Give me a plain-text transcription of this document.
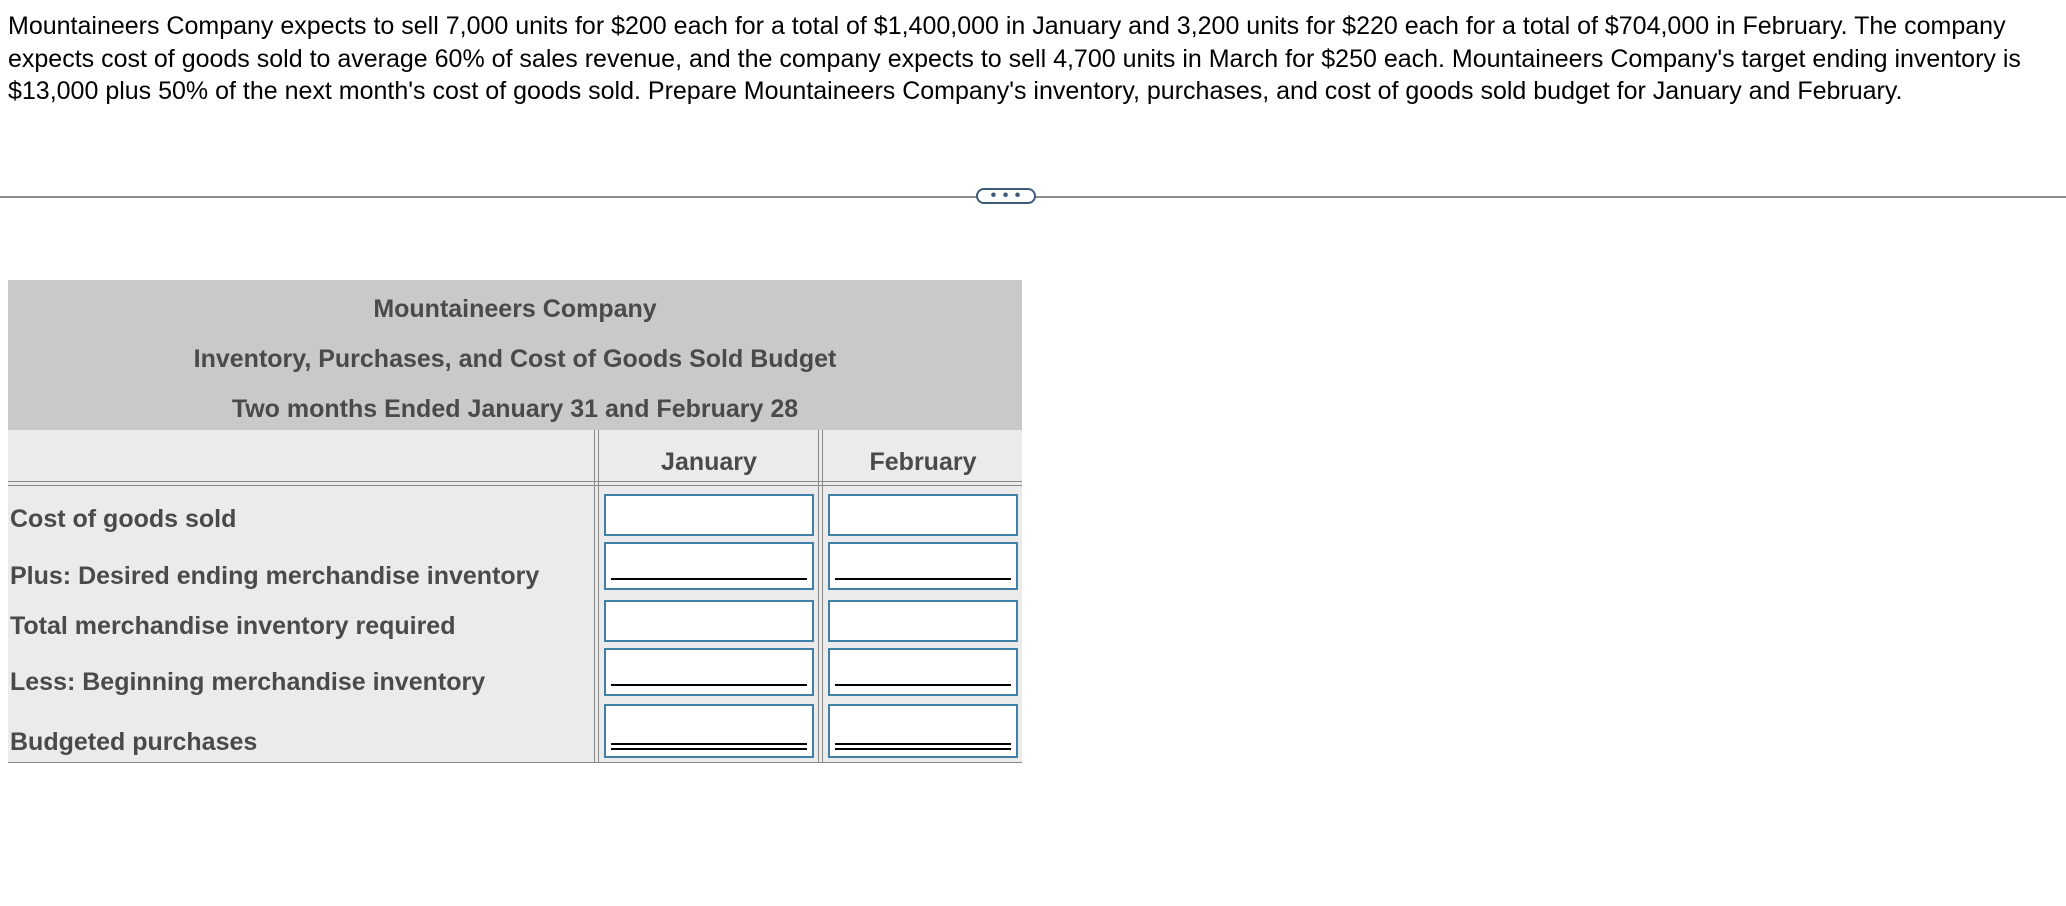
Mountaineers Company expects to sell 7,000 units for $200 each for a total of $1,400,000 in January and 3,200 units for $220 each for a total of $704,000 in February. The company expects cost of goods sold to average 60% of sales revenue, and the company expects to sell 4,700 units in March for $250 each. Mountaineers Company's target ending inventory is $13,000 plus 50% of the next month's cost of goods sold. Prepare Mountaineers Company's inventory, purchases, and cost of goods sold budget for January and February.
• • •
Mountaineers Company
Inventory, Purchases, and Cost of Goods Sold Budget
Two months Ended January 31 and February 28
January	February
Cost of goods sold
Plus: Desired ending merchandise inventory
Total merchandise inventory required
Less: Beginning merchandise inventory
Budgeted purchases
